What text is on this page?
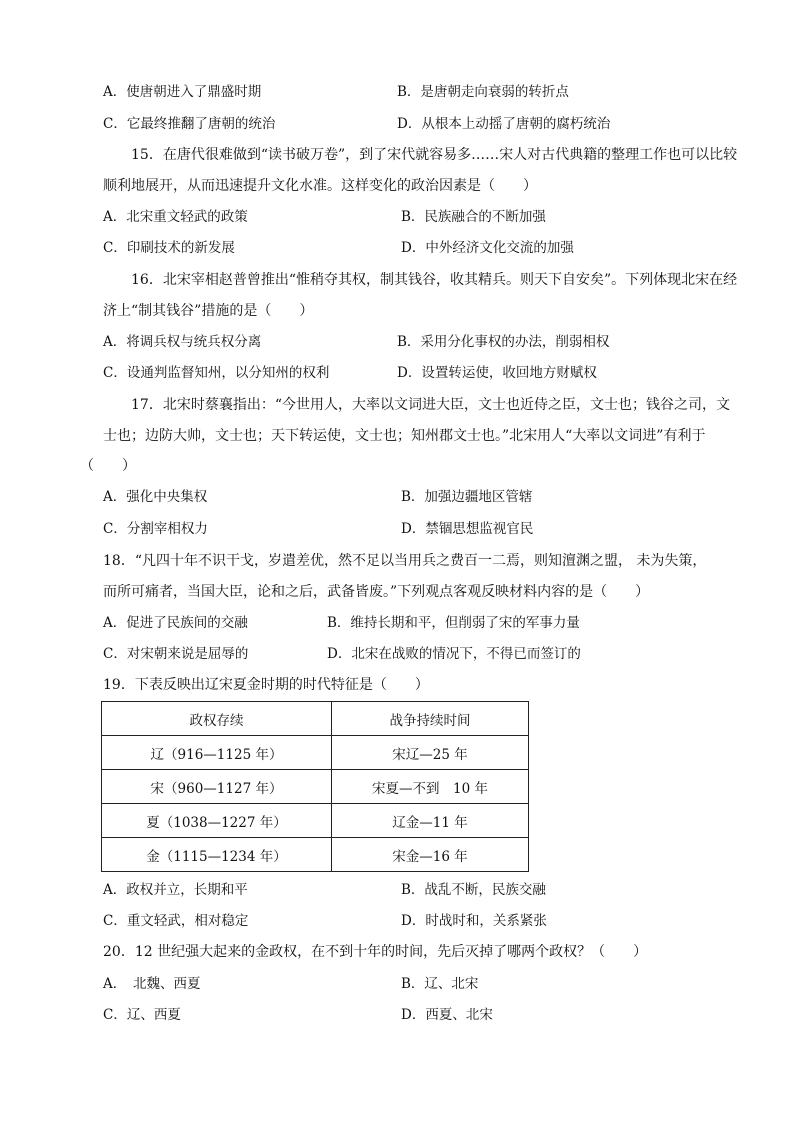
A．使唐朝进入了鼎盛时期	B．是唐朝走向衰弱的转折点
C．它最终推翻了唐朝的统治	D．从根本上动摇了唐朝的腐朽统治
15．在唐代很难做到“读书破万卷”，到了宋代就容易多……宋人对古代典籍的整理工作也可以比较
顺利地展开，从而迅速提升文化水准。这样变化的政治因素是（　　）
A．北宋重文轻武的政策	B．民族融合的不断加强
C．印刷技术的新发展	D．中外经济文化交流的加强
16．北宋宰相赵普曾推出“惟稍夺其权，制其钱谷，收其精兵。则天下自安矣”。下列体现北宋在经
济上“制其钱谷”措施的是（　　）
A．将调兵权与统兵权分离	B．采用分化事权的办法，削弱相权
C．设通判监督知州，以分知州的权利	D．设置转运使，收回地方财赋权
17．北宋时蔡襄指出：“今世用人，大率以文词进大臣，文士也近侍之臣，文士也；钱谷之司，文
士也；边防大帅，文士也；天下转运使，文士也；知州郡文士也。”北宋用人“大率以文词进”有利于
（　　）
A．强化中央集权	B．加强边疆地区管辖
C．分割宰相权力	D．禁锢思想监视官民
18．“凡四十年不识干戈，岁遣差优，然不足以当用兵之费百一二焉，则知澶渊之盟， 未为失策，
而所可痛者，当国大臣，论和之后，武备皆废。”下列观点客观反映材料内容的是（　　）
A．促进了民族间的交融	B．维持长期和平，但削弱了宋的军事力量
C．对宋朝来说是屈辱的	D．北宋在战败的情况下，不得已而签订的
19．下表反映出辽宋夏金时期的时代特征是（　　）
政权存续	战争持续时间
辽（916—1125 年）	宋辽—25 年
宋（960—1127 年）	宋夏—不到　10 年
夏（1038—1227 年）	辽金—11 年
金（1115—1234 年）	宋金—16 年
A．政权并立，长期和平	B．战乱不断，民族交融
C．重文轻武，相对稳定	D．时战时和，关系紧张
20．12 世纪强大起来的金政权，在不到十年的时间，先后灭掉了哪两个政权？（　　）
A．　北魏、西夏	B．辽、北宋
C．辽、西夏	D．西夏、北宋
